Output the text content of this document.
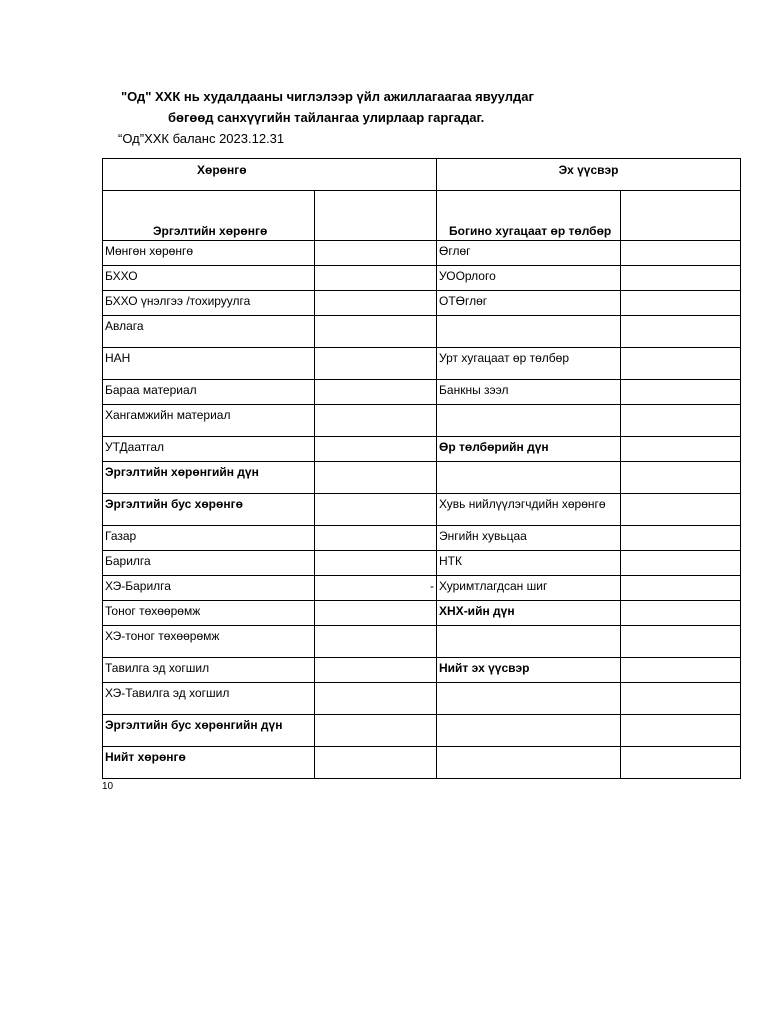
"Од" ХХК нь худалдааны чиглэлээр үйл ажиллагаагаа явуулдаг
бөгөөд санхүүгийн тайлангаа улирлаар гаргадаг.
“Од”ХХК баланс 2023.12.31
Хөрөнгө		Эх үүсвэр	
Эргэлтийн хөрөнгө		Богино хугацаат өр төлбөр	
Мөнгөн хөрөнгө		Өглөг	
БХХО		УООрлого	
БХХО үнэлгээ /тохируулга		ОТӨглөг	
Авлага			
НАН		Урт хугацаат өр төлбөр	
Бараа материал		Банкны зээл	
Хангамжийн материал			
УТДаатгал		Өр төлбөрийн дүн	
Эргэлтийн хөрөнгийн дүн			
Эргэлтийн бус хөрөнгө		Хувь нийлүүлэгчдийн хөрөнгө	
Газар		Энгийн хувьцаа	
Барилга		НТК	
ХЭ-Барилга	-	Хуримтлагдсан шиг	
Тоног төхөөрөмж		ХНХ-ийн дүн	
ХЭ-тоног төхөөрөмж			
Тавилга эд хогшил		Нийт эх үүсвэр	
ХЭ-Тавилга эд хогшил			
Эргэлтийн бус хөрөнгийн дүн			
Нийт хөрөнгө			
10
